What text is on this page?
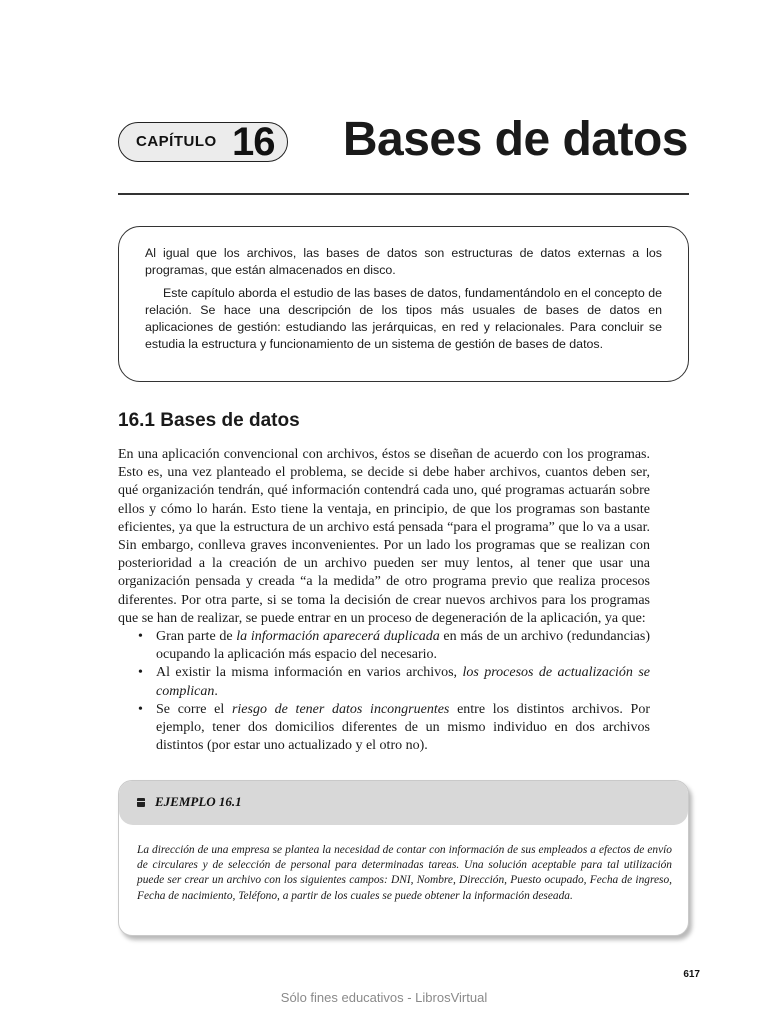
CAPÍTULO 16 Bases de datos

Al igual que los archivos, las bases de datos son estructuras de datos externas a los programas, que están almacenados en disco.

Este capítulo aborda el estudio de las bases de datos, fundamentándolo en el concepto de relación. Se hace una descripción de los tipos más usuales de bases de datos en aplicaciones de gestión: estudiando las jerárquicas, en red y relacionales. Para concluir se estudia la estructura y funcionamiento de un sistema de gestión de bases de datos.

16.1 Bases de datos

En una aplicación convencional con archivos, éstos se diseñan de acuerdo con los programas. Esto es, una vez planteado el problema, se decide si debe haber archivos, cuantos deben ser, qué organización tendrán, qué información contendrá cada uno, qué programas actuarán sobre ellos y cómo lo harán. Esto tiene la ventaja, en principio, de que los programas son bastante eficientes, ya que la estructura de un archivo está pensada “para el programa” que lo va a usar. Sin embargo, conlleva graves inconvenientes. Por un lado los programas que se realizan con posterioridad a la creación de un archivo pueden ser muy lentos, al tener que usar una organización pensada y creada “a la medida” de otro programa previo que realiza procesos diferentes. Por otra parte, si se toma la decisión de crear nuevos archivos para los programas que se han de realizar, se puede entrar en un proceso de degeneración de la aplicación, ya que:

• Gran parte de la información aparecerá duplicada en más de un archivo (redundancias) ocupando la aplicación más espacio del necesario.
• Al existir la misma información en varios archivos, los procesos de actualización se complican.
• Se corre el riesgo de tener datos incongruentes entre los distintos archivos. Por ejemplo, tener dos domicilios diferentes de un mismo individuo en dos archivos distintos (por estar uno actualizado y el otro no).
EJEMPLO 16.1
La dirección de una empresa se plantea la necesidad de contar con información de sus empleados a efectos de envío de circulares y de selección de personal para determinadas tareas. Una solución aceptable para tal utilización puede ser crear un archivo con los siguientes campos: DNI, Nombre, Dirección, Puesto ocupado, Fecha de ingreso, Fecha de nacimiento, Teléfono, a partir de los cuales se puede obtener la información deseada.
617
Sólo fines educativos - LibrosVirtual
